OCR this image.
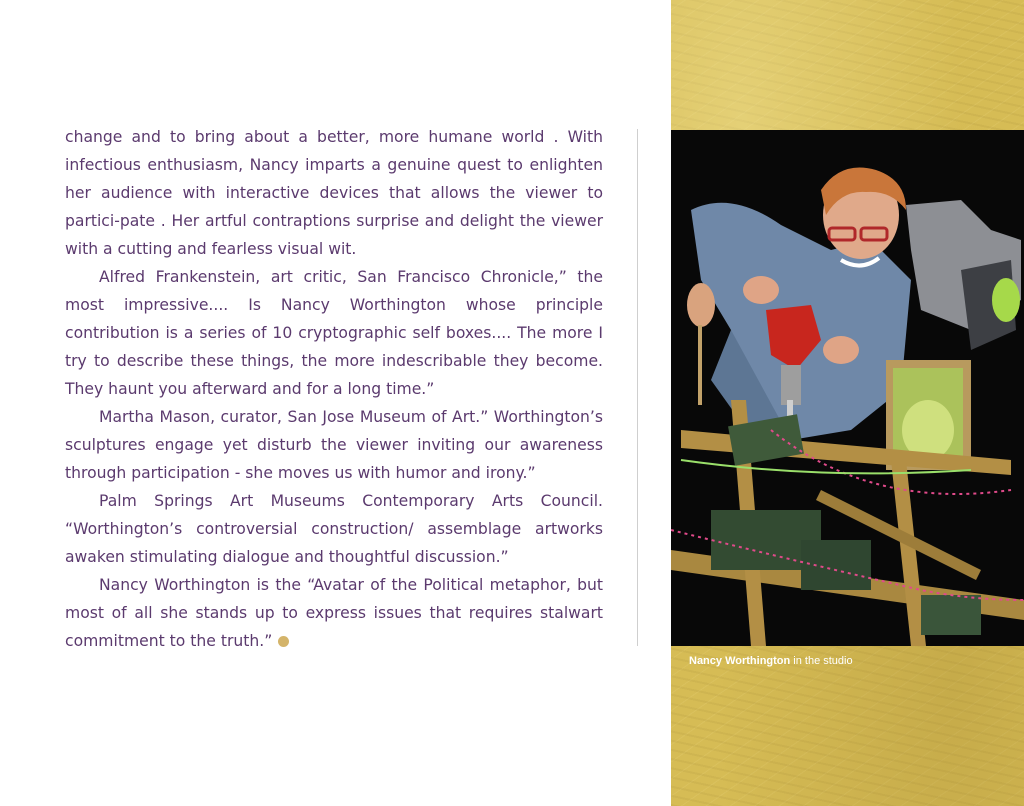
change and to bring about a better, more humane world . With infectious enthusiasm, Nancy imparts a genuine quest to enlighten her audience with interactive devices that allows the viewer to partici-pate . Her artful contraptions surprise and delight the viewer with a cutting and fearless visual wit.

Alfred Frankenstein, art critic, San Francisco Chronicle,” the most impressive.... Is Nancy Worthington whose principle contribution is a series of 10 cryptographic self boxes.... The more I try to describe these things, the more indescribable they become. They haunt you afterward and for a long time.”

Martha Mason, curator, San Jose Museum of Art.” Worthington’s sculptures engage yet disturb the viewer inviting our awareness through participation - she moves us with humor and irony.”

Palm Springs Art Museums Contemporary Arts Council. “Worthington’s controversial construction/ assemblage artworks awaken stimulating dialogue and thoughtful discussion.”

Nancy Worthington is the “Avatar of the Political metaphor, but most of all she stands up to express issues that requires stalwart commitment to the truth.”

Nancy Worthington in the studio
